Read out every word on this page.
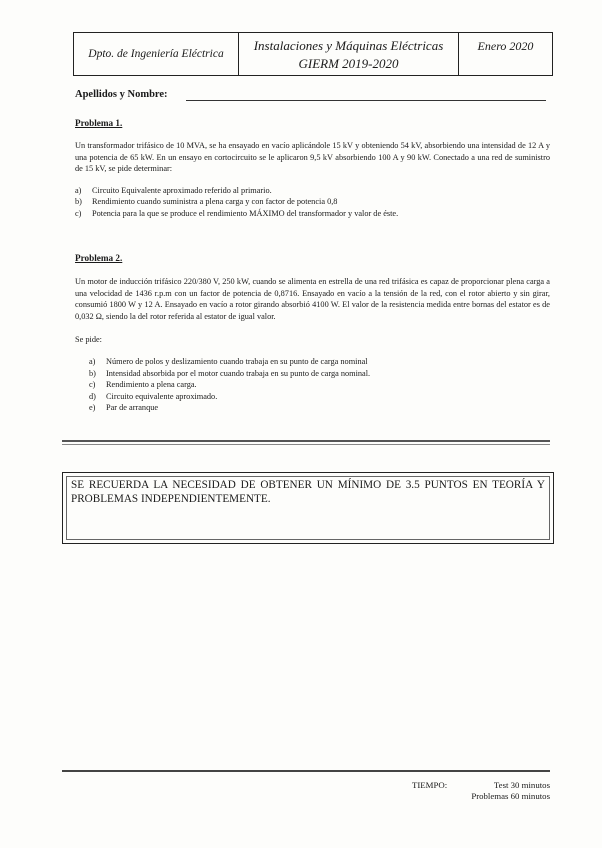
Dpto. de Ingeniería Eléctrica
Instalaciones y Máquinas Eléctricas
GIERM 2019-2020
Enero 2020
Apellidos y Nombre:
Problema 1.

Un transformador trifásico de 10 MVA, se ha ensayado en vacío aplicándole 15 kV y obteniendo 54 kV, absorbiendo una intensidad de 12 A y una potencia de 65 kW. En un ensayo en cortocircuito se le aplicaron 9,5 kV absorbiendo 100 A y 90 kW. Conectado a una red de suministro de 15 kV, se pide determinar:

a)	Circuito Equivalente aproximado referido al primario.
b)	Rendimiento cuando suministra a plena carga y con factor de potencia 0,8
c)	Potencia para la que se produce el rendimiento MÁXIMO del transformador y valor de éste.
Problema 2.

Un motor de inducción trifásico 220/380 V, 250 kW, cuando se alimenta en estrella de una red trifásica es capaz de proporcionar plena carga a una velocidad de 1436 r.p.m con un factor de potencia de 0,8716. Ensayado en vacío a la tensión de la red, con el rotor abierto y sin girar, consumió 1800 W y 12 A. Ensayado en vacío a rotor girando absorbió 4100 W. El valor de la resistencia medida entre bornas del estator es de 0,032 Ω, siendo la del rotor referida al estator de igual valor.

Se pide:

a)	Número de polos y deslizamiento cuando trabaja en su punto de carga nominal
b)	Intensidad absorbida por el motor cuando trabaja en su punto de carga nominal.
c)	Rendimiento a plena carga.
d)	Circuito equivalente aproximado.
e)	Par de arranque
SE RECUERDA LA NECESIDAD DE OBTENER UN MÍNIMO DE 3.5 PUNTOS EN TEORÍA Y PROBLEMAS INDEPENDIENTEMENTE.
TIEMPO:	Test 30 minutos
Problemas 60 minutos
